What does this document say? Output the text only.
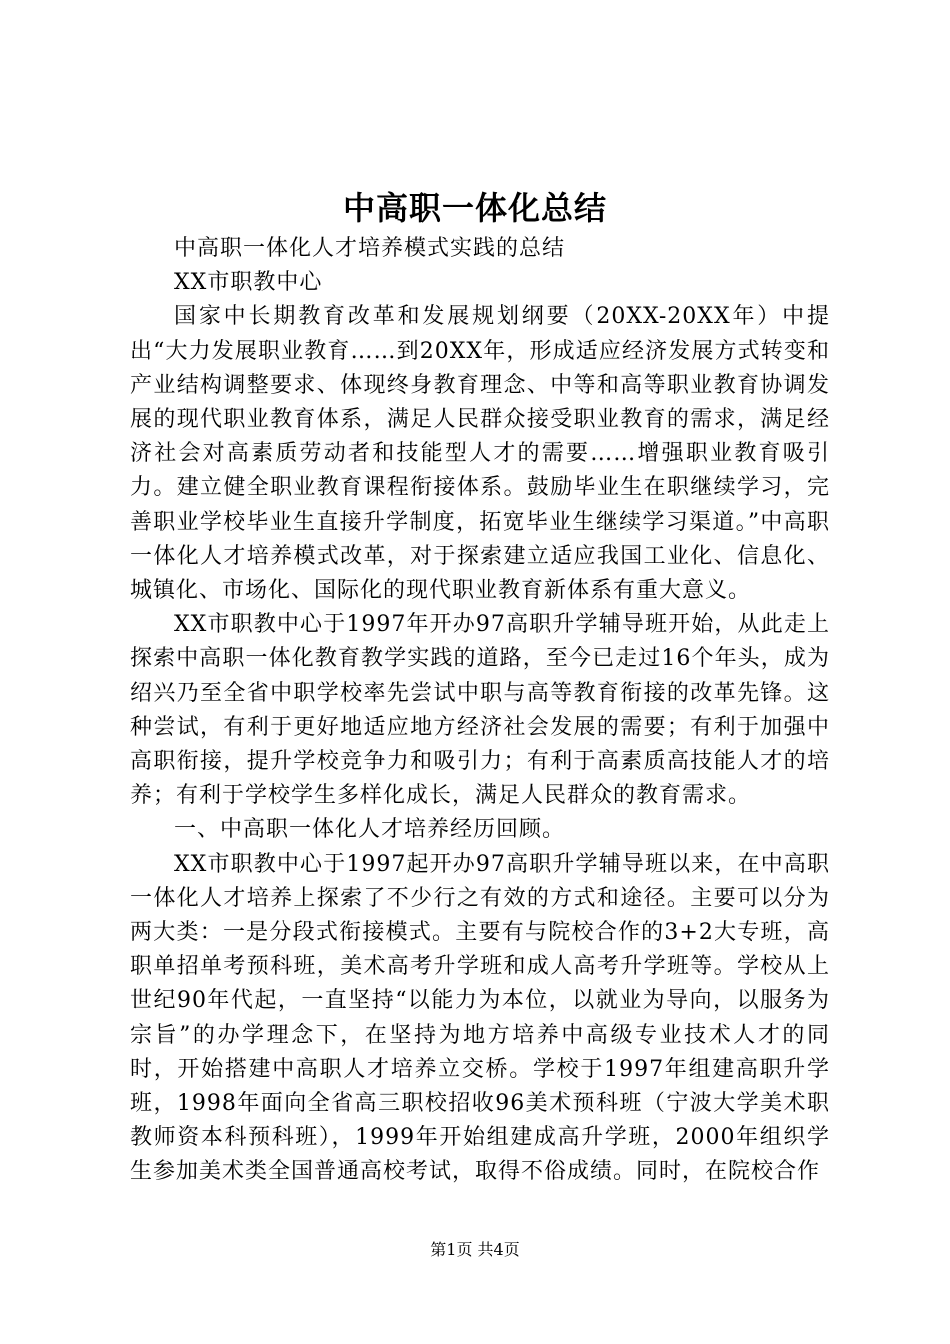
中高职一体化总结

中高职一体化人才培养模式实践的总结

XX市职教中心

国家中长期教育改革和发展规划纲要（20XX-20XX年）中提出“大力发展职业教育……到20XX年，形成适应经济发展方式转变和产业结构调整要求、体现终身教育理念、中等和高等职业教育协调发展的现代职业教育体系，满足人民群众接受职业教育的需求，满足经济社会对高素质劳动者和技能型人才的需要……增强职业教育吸引力。建立健全职业教育课程衔接体系。鼓励毕业生在职继续学习，完善职业学校毕业生直接升学制度，拓宽毕业生继续学习渠道。”中高职一体化人才培养模式改革，对于探索建立适应我国工业化、信息化、城镇化、市场化、国际化的现代职业教育新体系有重大意义。

XX市职教中心于1997年开办97高职升学辅导班开始，从此走上探索中高职一体化教育教学实践的道路，至今已走过16个年头，成为绍兴乃至全省中职学校率先尝试中职与高等教育衔接的改革先锋。这种尝试，有利于更好地适应地方经济社会发展的需要；有利于加强中高职衔接，提升学校竞争力和吸引力；有利于高素质高技能人才的培养；有利于学校学生多样化成长，满足人民群众的教育需求。

一、中高职一体化人才培养经历回顾。

XX市职教中心于1997起开办97高职升学辅导班以来，在中高职一体化人才培养上探索了不少行之有效的方式和途径。主要可以分为两大类：一是分段式衔接模式。主要有与院校合作的3+2大专班，高职单招单考预科班，美术高考升学班和成人高考升学班等。学校从上世纪90年代起，一直坚持“以能力为本位，以就业为导向，以服务为宗旨”的办学理念下，在坚持为地方培养中高级专业技术人才的同时，开始搭建中高职人才培养立交桥。学校于1997年组建高职升学班，1998年面向全省高三职校招收96美术预科班（宁波大学美术职教师资本科预科班），1999年开始组建成高升学班，2000年组织学生参加美术类全国普通高校考试，取得不俗成绩。同时，在院校合作

第1页 共4页
